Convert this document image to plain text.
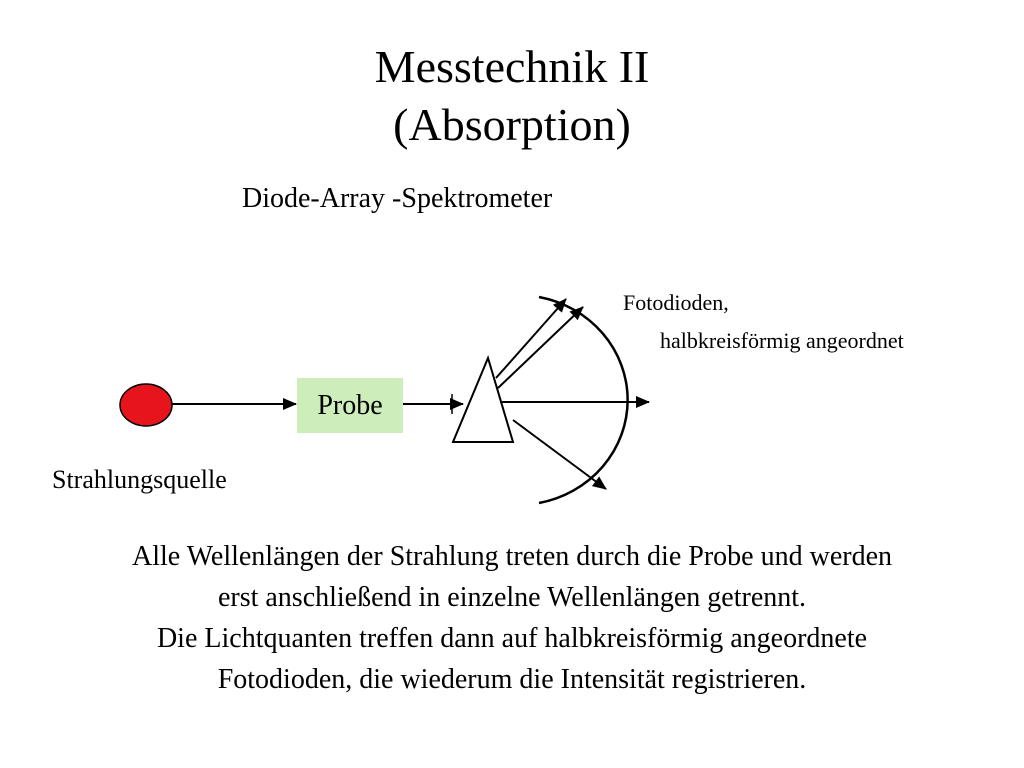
Messtechnik II
(Absorption)
Diode-Array -Spektrometer
Probe
Strahlungsquelle
Fotodioden,
halbkreisförmig angeordnet
Alle Wellenlängen der Strahlung treten durch die Probe und werden
erst anschließend in einzelne Wellenlängen getrennt.
Die Lichtquanten treffen dann auf halbkreisförmig angeordnete
Fotodioden, die wiederum die Intensität registrieren.
